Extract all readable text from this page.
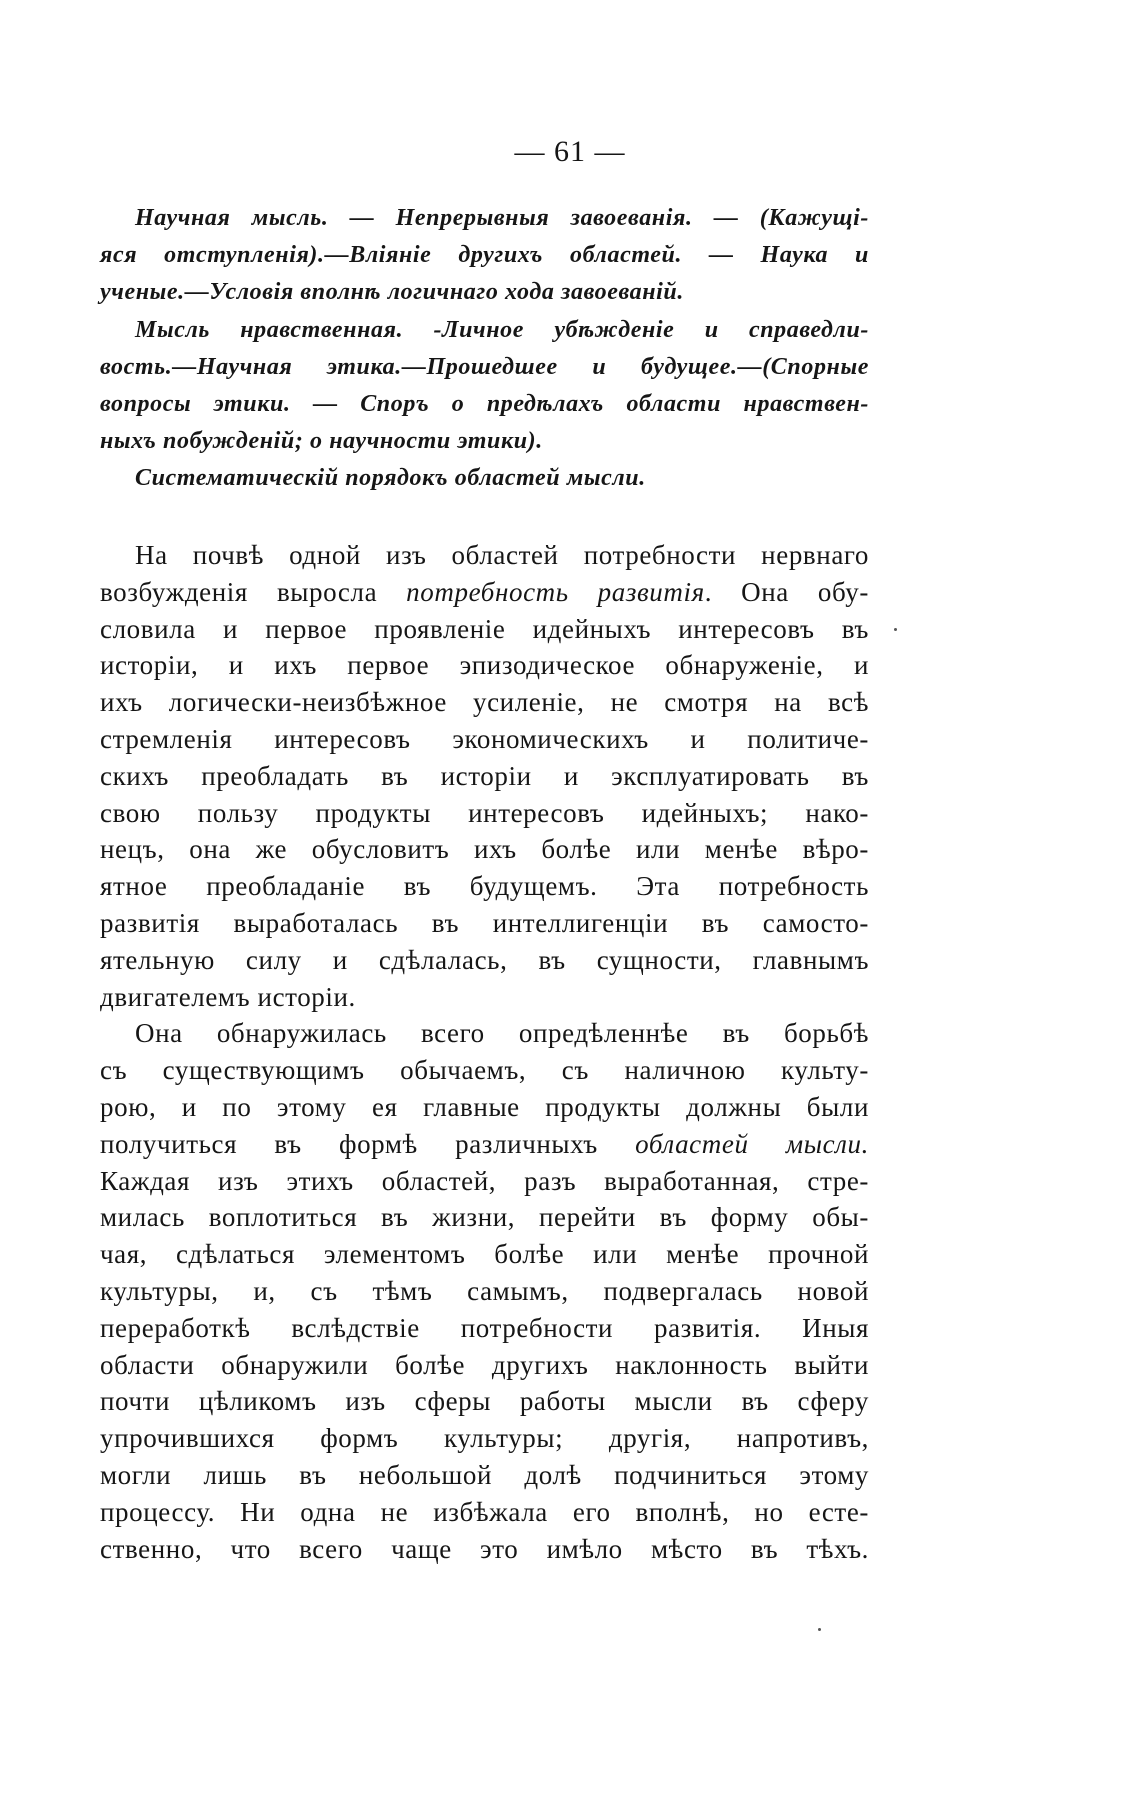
— 61 —
Научная мысль. — Непрерывныя завоеванія. — (Кажущі-
яся отступленія).—Вліяніе другихъ областей. — Наука и
ученые.—Условія вполнѣ логичнаго хода завоеваній.
Мысль нравственная. -Личное убѣжденіе и справедли-
вость.—Научная этика.—Прошедшее и будущее.—(Спорные
вопросы этики. — Споръ о предѣлахъ области нравствен-
ныхъ побужденій; о научности этики).
Систематическій порядокъ областей мысли.
На почвѣ одной изъ областей потребности нервнаго
возбужденія выросла потребность развитія. Она обу-
словила и первое проявленіе идейныхъ интересовъ въ
исторіи, и ихъ первое эпизодическое обнаруженіе, и
ихъ логически-неизбѣжное усиленіе, не смотря на всѣ
стремленія интересовъ экономическихъ и политиче-
скихъ преобладать въ исторіи и эксплуатировать въ
свою пользу продукты интересовъ идейныхъ; нако-
нецъ, она же обусловитъ ихъ болѣе или менѣе вѣро-
ятное преобладаніе въ будущемъ. Эта потребность
развитія выработалась въ интеллигенціи въ самосто-
ятельную силу и сдѣлалась, въ сущности, главнымъ
двигателемъ исторіи.
Она обнаружилась всего опредѣленнѣе въ борьбѣ
съ существующимъ обычаемъ, съ наличною культу-
рою, и по этому ея главные продукты должны были
получиться въ формѣ различныхъ областей мысли.
Каждая изъ этихъ областей, разъ выработанная, стре-
милась воплотиться въ жизни, перейти въ форму обы-
чая, сдѣлаться элементомъ болѣе или менѣе прочной
культуры, и, съ тѣмъ самымъ, подвергалась новой
переработкѣ вслѣдствіе потребности развитія. Иныя
области обнаружили болѣе другихъ наклонность выйти
почти цѣликомъ изъ сферы работы мысли въ сферу
упрочившихся формъ культуры; другія, напротивъ,
могли лишь въ небольшой долѣ подчиниться этому
процессу. Ни одна не избѣжала его вполнѣ, но есте-
ственно, что всего чаще это имѣло мѣсто въ тѣхъ.
